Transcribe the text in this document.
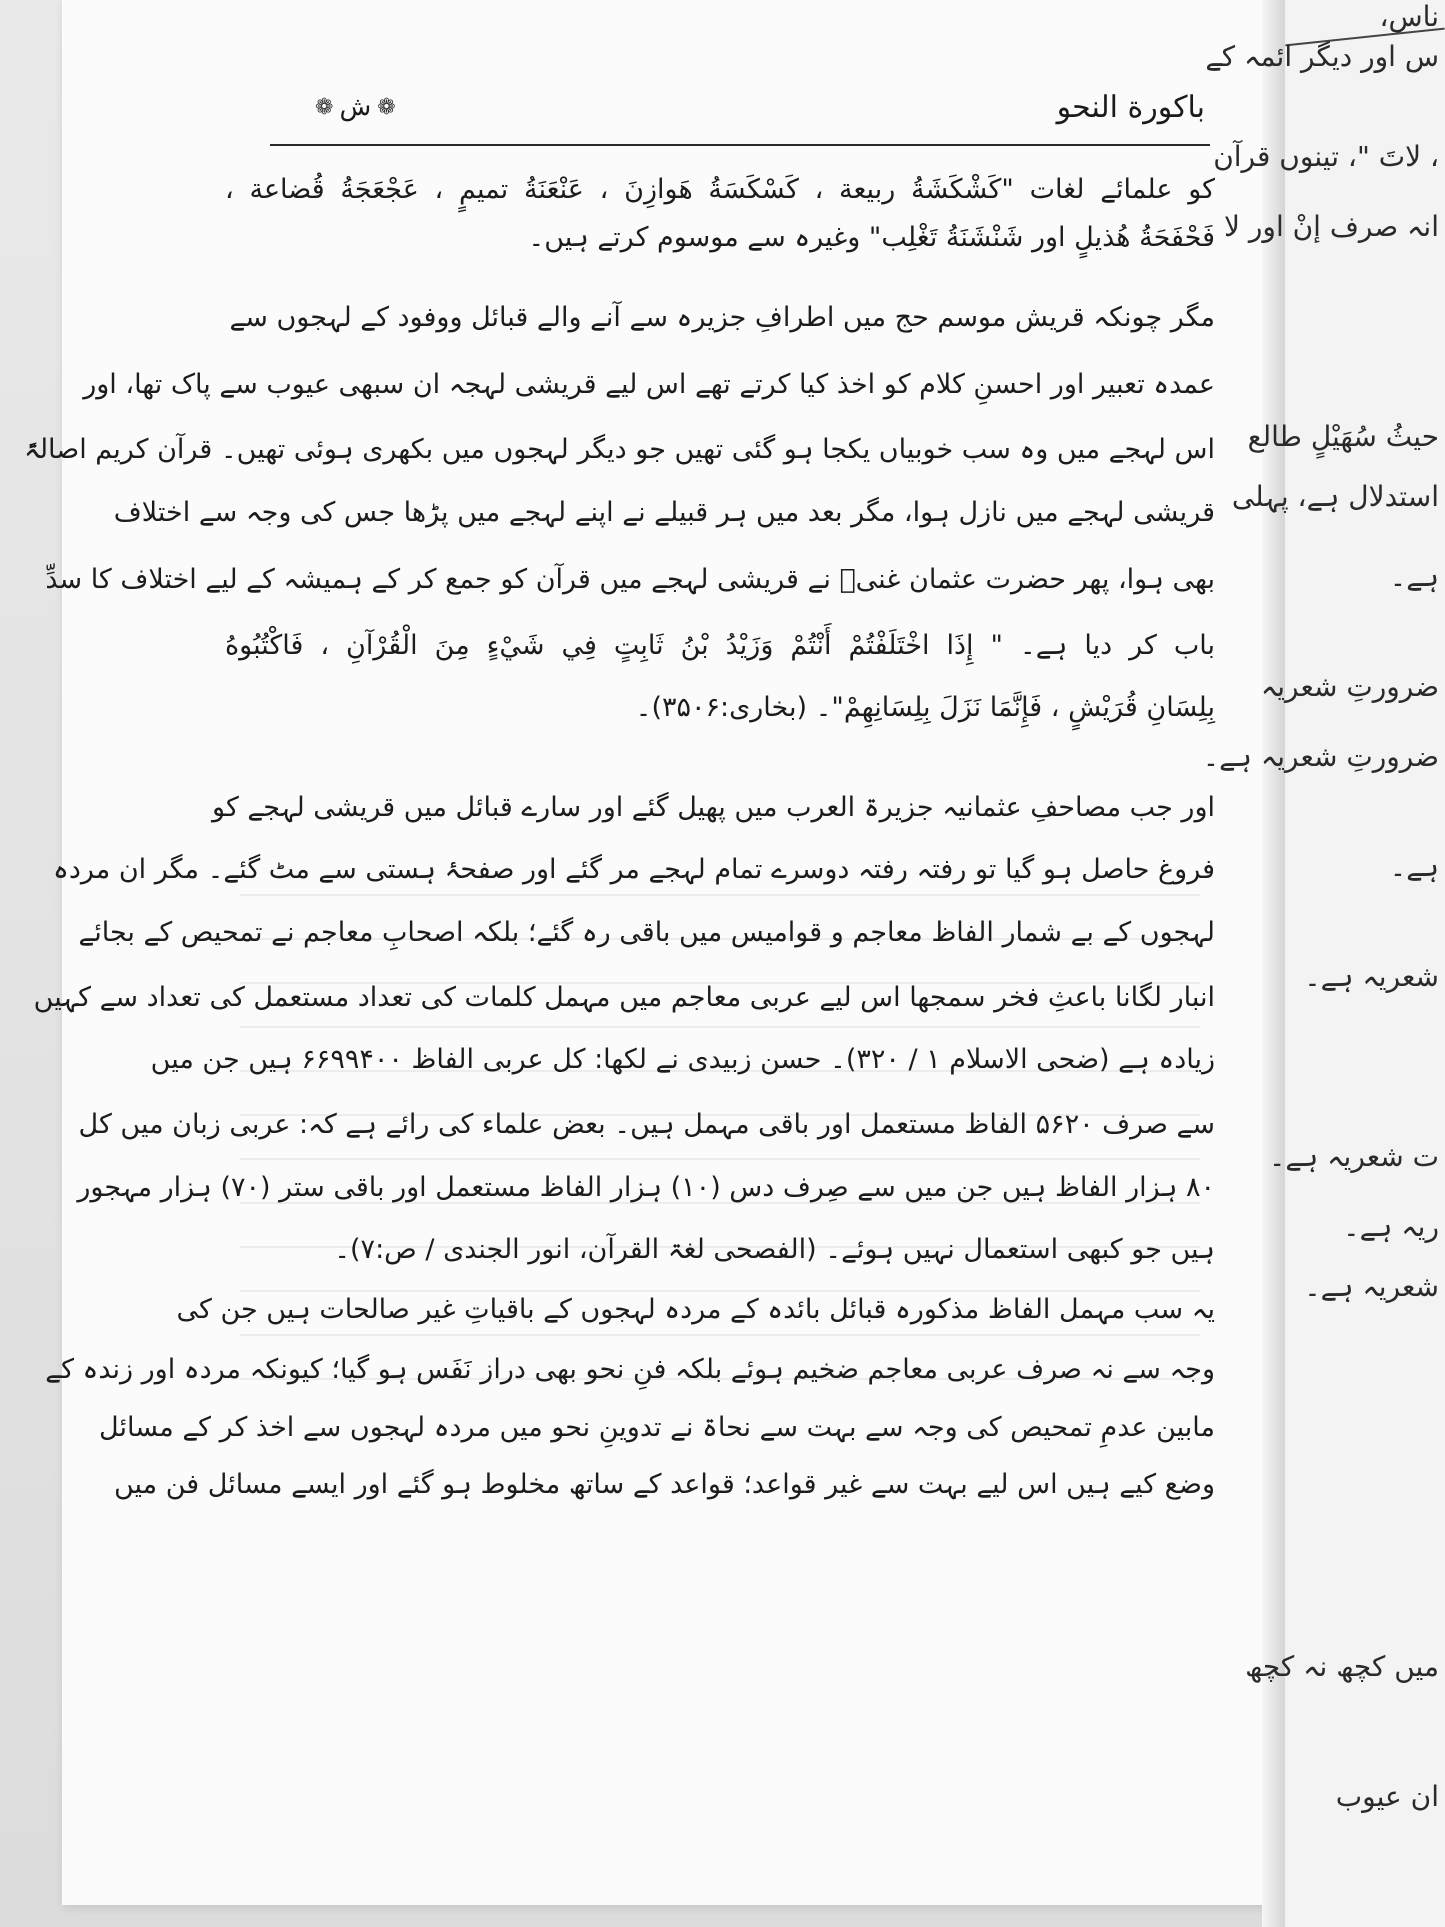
باكورة النحو
❁ ش ❁
کو علمائے لغات "كَشْكَشَةُ ربيعة ، كَسْكَسَةُ هَوازِنَ ، عَنْعَنَةُ تميمٍ ، عَجْعَجَةُ قُضاعة ،
فَحْفَحَةُ هُذيلٍ اور شَنْشَنَةُ تَغْلِب" وغیرہ سے موسوم کرتے ہیں۔
مگر چونکہ قریش موسم حج میں اطرافِ جزیرہ سے آنے والے قبائل ووفود کے لہجوں سے
عمدہ تعبیر اور احسنِ کلام کو اخذ کیا کرتے تھے اس لیے قریشی لہجہ ان سبھی عیوب سے پاک تھا، اور
اس لہجے میں وہ سب خوبیاں یکجا ہو گئی تھیں جو دیگر لہجوں میں بکھری ہوئی تھیں۔ قرآن کریم اصالۃً
قریشی لہجے میں نازل ہوا، مگر بعد میں ہر قبیلے نے اپنے لہجے میں پڑھا جس کی وجہ سے اختلاف
بھی ہوا، پھر حضرت عثمان غنیؓ نے قریشی لہجے میں قرآن کو جمع کر کے ہمیشہ کے لیے اختلاف کا سدِّ
باب کر دیا ہے۔ " إِذَا اخْتَلَفْتُمْ أَنْتُمْ وَزَيْدُ بْنُ ثَابِتٍ فِي شَيْءٍ مِنَ الْقُرْآنِ ، فَاكْتُبُوهُ
بِلِسَانِ قُرَيْشٍ ، فَإِنَّمَا نَزَلَ بِلِسَانِهِمْ"۔ (بخاری:۳۵۰۶)۔
اور جب مصاحفِ عثمانیہ جزیرۃ العرب میں پھیل گئے اور سارے قبائل میں قریشی لہجے کو
فروغ حاصل ہو گیا تو رفتہ رفتہ دوسرے تمام لہجے مر گئے اور صفحۂ ہستی سے مٹ گئے۔ مگر ان مردہ
لہجوں کے بے شمار الفاظ معاجم و قوامیس میں باقی رہ گئے؛ بلکہ اصحابِ معاجم نے تمحیص کے بجائے
انبار لگانا باعثِ فخر سمجھا اس لیے عربی معاجم میں مہمل کلمات کی تعداد مستعمل کی تعداد سے کہیں
زیادہ ہے (ضحی الاسلام ۱ / ۳۲۰)۔ حسن زبیدی نے لکھا: کل عربی الفاظ ۶۶۹۹۴۰۰ ہیں جن میں
سے صرف ۵۶۲۰ الفاظ مستعمل اور باقی مہمل ہیں۔ بعض علماء کی رائے ہے کہ: عربی زبان میں کل
۸۰ ہزار الفاظ ہیں جن میں سے صِرف دس (۱۰) ہزار الفاظ مستعمل اور باقی ستر (۷۰) ہزار مہجور
ہیں جو کبھی استعمال نہیں ہوئے۔ (الفصحی لغۃ القرآن، انور الجندی / ص:۷)۔
یہ سب مہمل الفاظ مذکورہ قبائل بائدہ کے مردہ لہجوں کے باقیاتِ غیر صالحات ہیں جن کی
وجہ سے نہ صرف عربی معاجم ضخیم ہوئے بلکہ فنِ نحو بھی دراز نَفَس ہو گیا؛ کیونکہ مردہ اور زندہ کے
مابین عدمِ تمحیص کی وجہ سے بہت سے نحاۃ نے تدوینِ نحو میں مردہ لہجوں سے اخذ کر کے مسائل
وضع کیے ہیں اس لیے بہت سے غیر قواعد؛ قواعد کے ساتھ مخلوط ہو گئے اور ایسے مسائل فن میں
ناس،
س اور دیگر ائمہ کے
، لاتَ "، تینوں قرآن
انہ صرف إنْ اور لا
حيثُ سُهَيْلٍ طالع
استدلال ہے، پہلی
ہے۔
ضرورتِ شعریہ
ضرورتِ شعریہ ہے۔
ہے۔
شعریہ ہے۔
ت شعریہ ہے۔
ریہ ہے۔
شعریہ ہے۔
میں کچھ نہ کچھ
ان عیوب
